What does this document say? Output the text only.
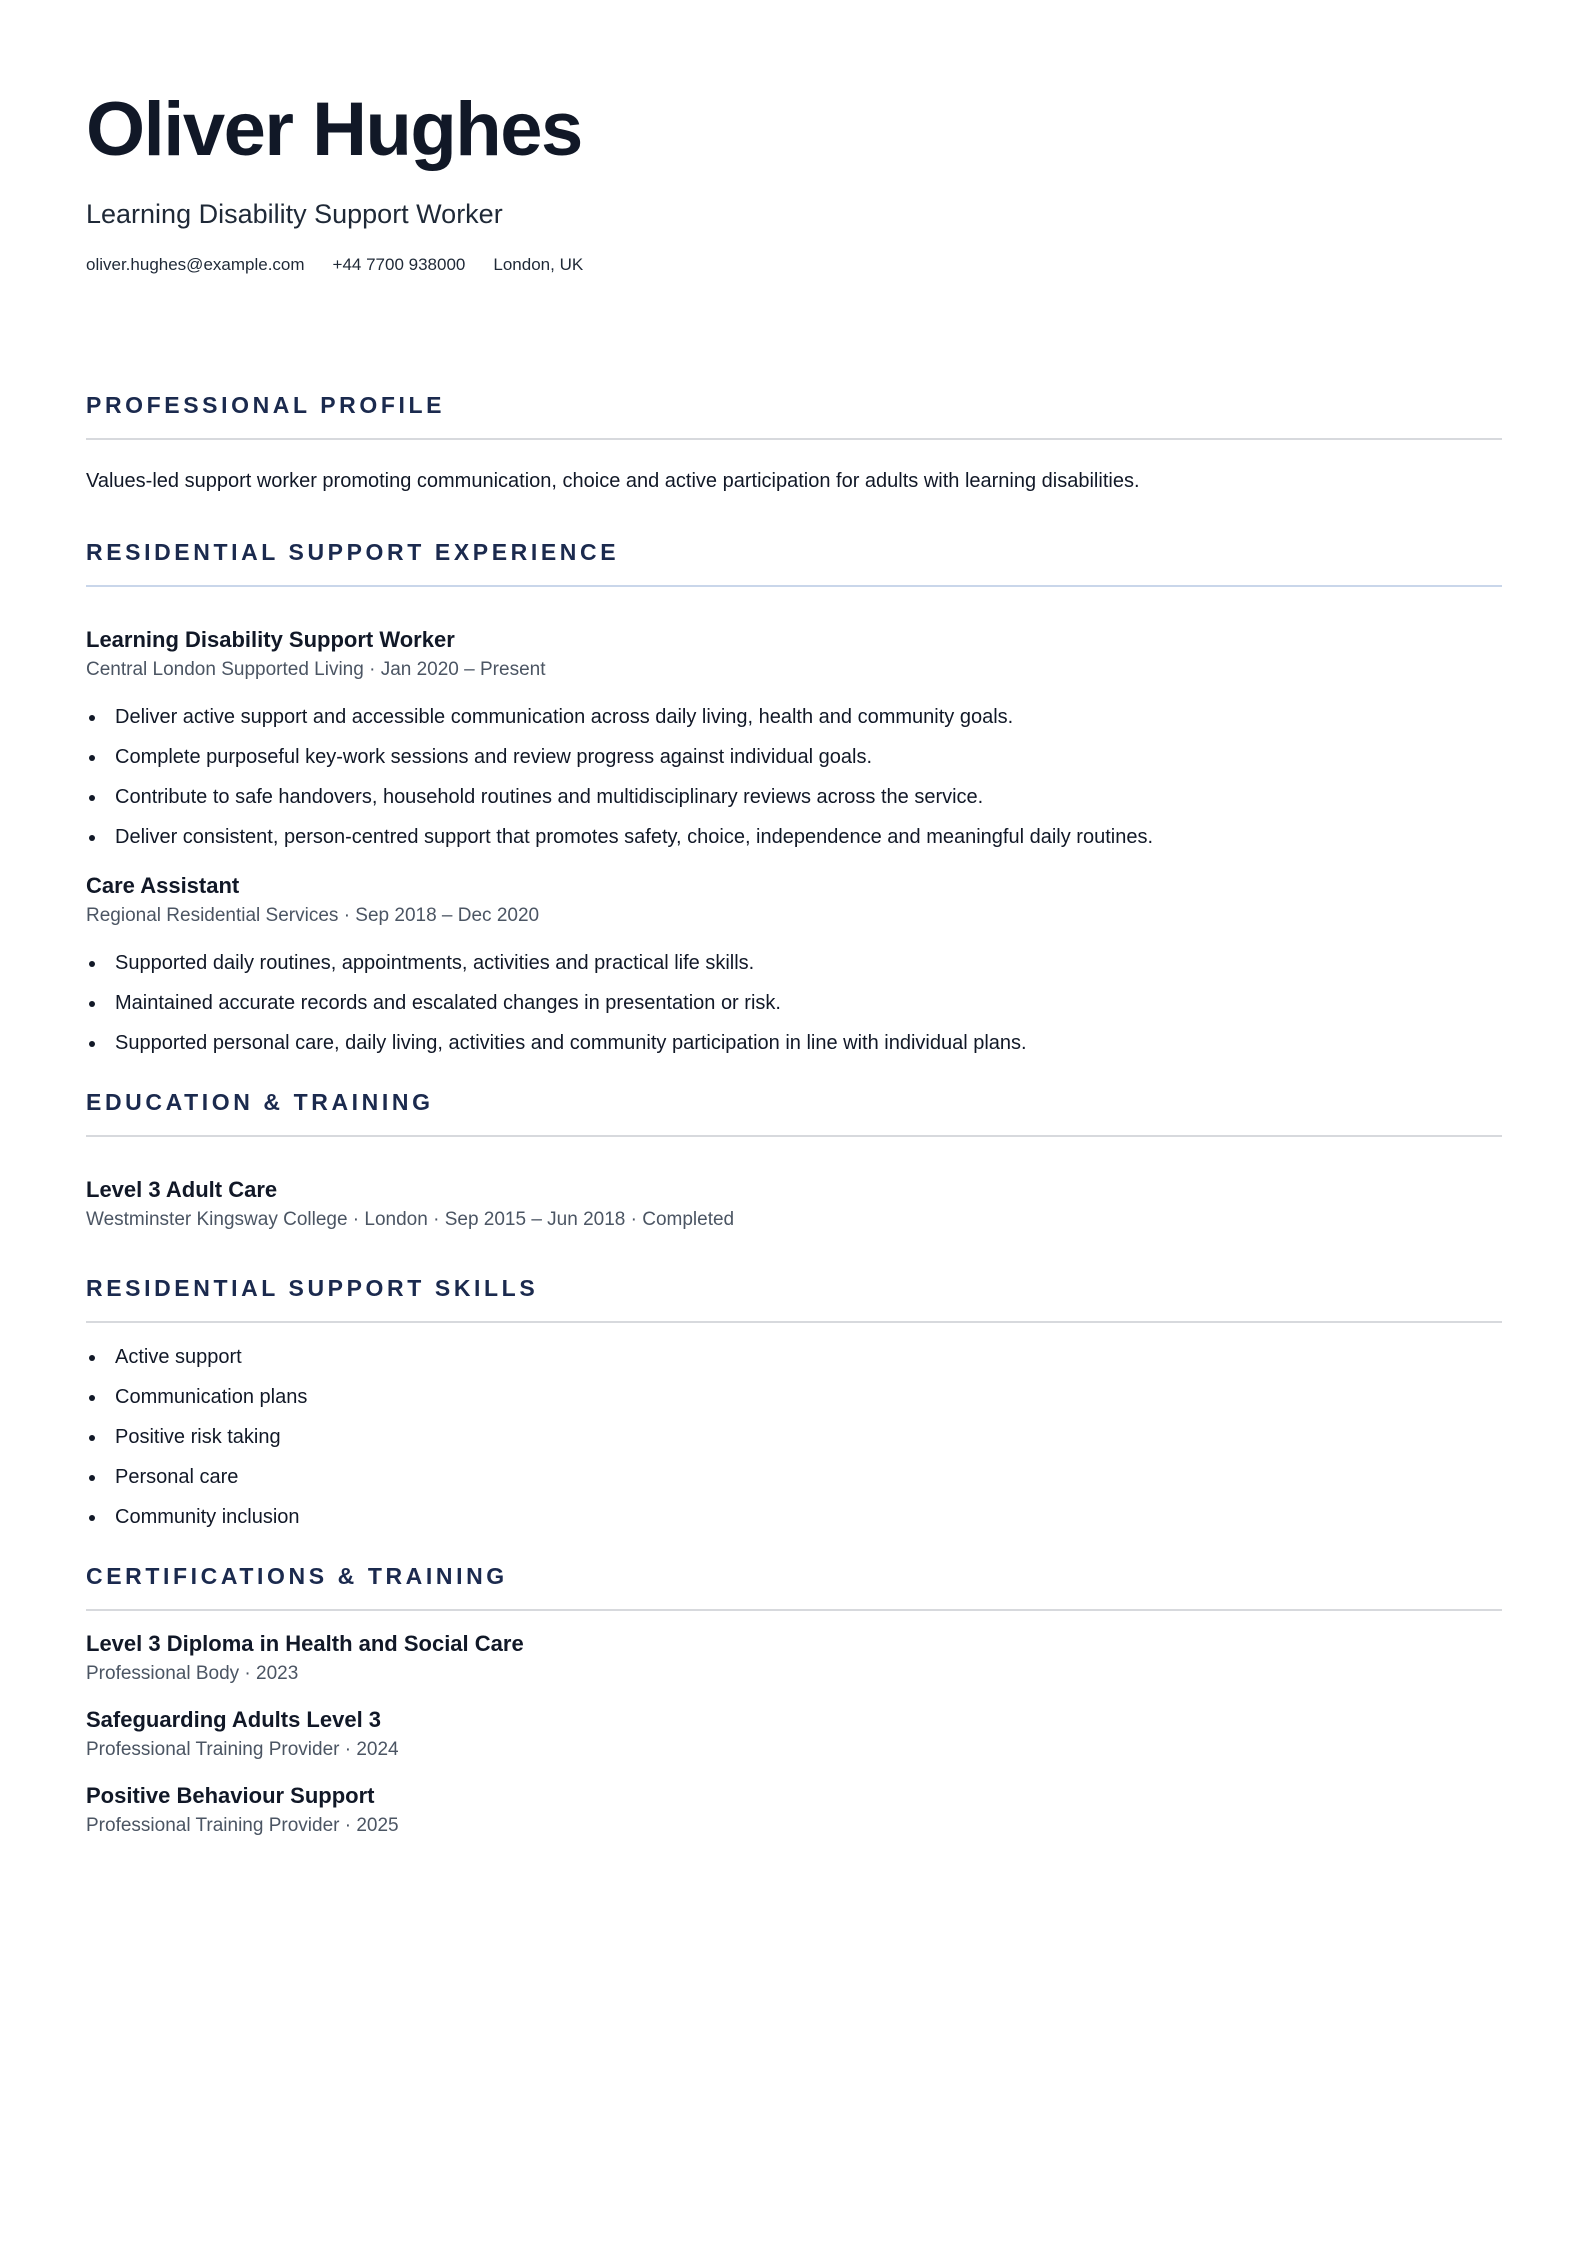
Oliver Hughes
Learning Disability Support Worker
oliver.hughes@example.com +44 7700 938000 London, UK
PROFESSIONAL PROFILE

Values-led support worker promoting communication, choice and active participation for adults with learning disabilities.

RESIDENTIAL SUPPORT EXPERIENCE
Learning Disability Support Worker
Central London Supported Living · Jan 2020 – Present
Deliver active support and accessible communication across daily living, health and community goals.
Complete purposeful key-work sessions and review progress against individual goals.
Contribute to safe handovers, household routines and multidisciplinary reviews across the service.
Deliver consistent, person-centred support that promotes safety, choice, independence and meaningful daily routines.
Care Assistant
Regional Residential Services · Sep 2018 – Dec 2020
Supported daily routines, appointments, activities and practical life skills.
Maintained accurate records and escalated changes in presentation or risk.
Supported personal care, daily living, activities and community participation in line with individual plans.
EDUCATION & TRAINING
Level 3 Adult Care
Westminster Kingsway College · London · Sep 2015 – Jun 2018 · Completed
RESIDENTIAL SUPPORT SKILLS
Active support
Communication plans
Positive risk taking
Personal care
Community inclusion
CERTIFICATIONS & TRAINING
Level 3 Diploma in Health and Social Care
Professional Body · 2023
Safeguarding Adults Level 3
Professional Training Provider · 2024
Positive Behaviour Support
Professional Training Provider · 2025
